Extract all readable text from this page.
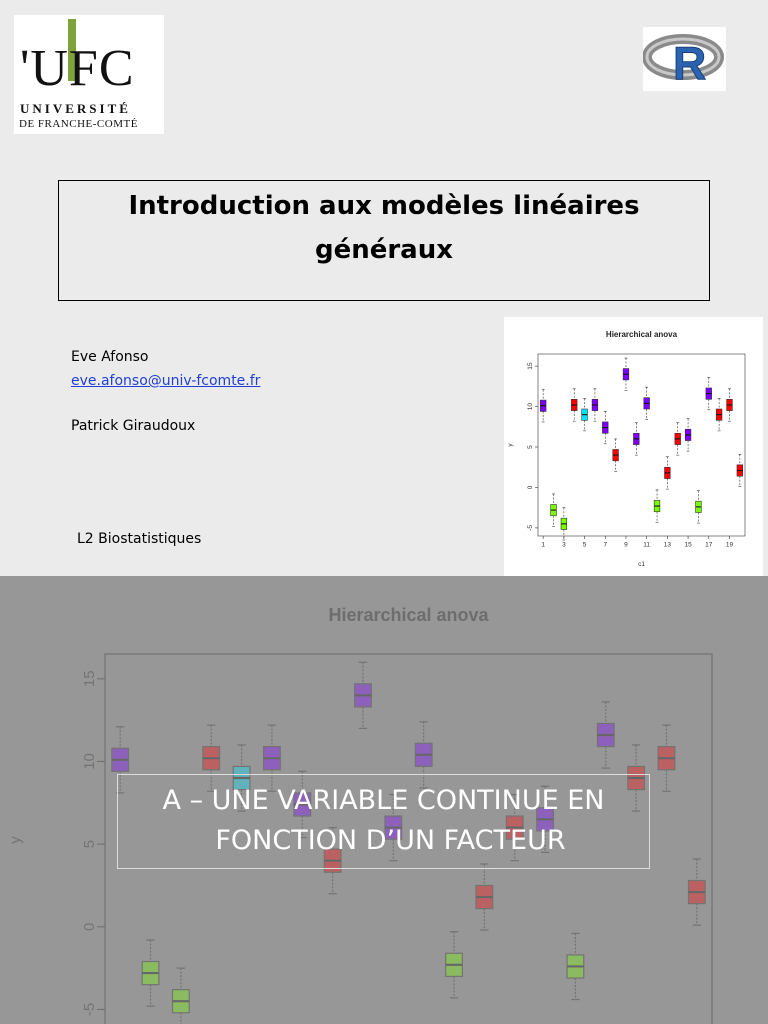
'UFC
UNIVERSITÉ
DE FRANCHE-COMTÉ
R
Introduction aux modèles linéaires
généraux
Eve Afonso
eve.afonso@univ-fcomte.fr
Patrick Giraudoux
L2 Biostatistiques
Hierarchical anova
-5
0
5
10
15
y
1	3	5	7	9 11 13 15 17 19
c1
Hierarchical anova
-5
0
5
10
15
y
A – UNE VARIABLE CONTINUE EN
FONCTION D’UN FACTEUR
